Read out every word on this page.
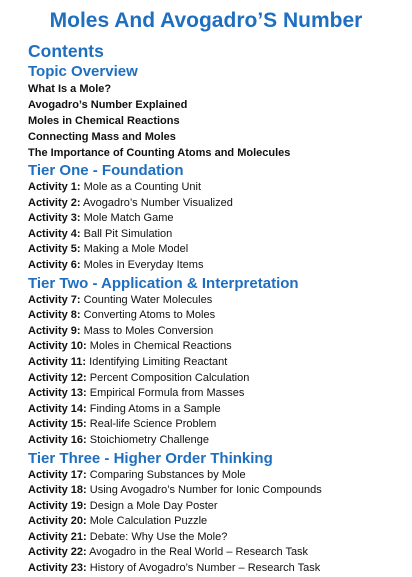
Moles And Avogadro’S Number
Contents
Topic Overview
What Is a Mole?
Avogadro’s Number Explained
Moles in Chemical Reactions
Connecting Mass and Moles
The Importance of Counting Atoms and Molecules
Tier One - Foundation
Activity 1: Mole as a Counting Unit
Activity 2: Avogadro’s Number Visualized
Activity 3: Mole Match Game
Activity 4: Ball Pit Simulation
Activity 5: Making a Mole Model
Activity 6: Moles in Everyday Items
Tier Two - Application & Interpretation
Activity 7: Counting Water Molecules
Activity 8: Converting Atoms to Moles
Activity 9: Mass to Moles Conversion
Activity 10: Moles in Chemical Reactions
Activity 11: Identifying Limiting Reactant
Activity 12: Percent Composition Calculation
Activity 13: Empirical Formula from Masses
Activity 14: Finding Atoms in a Sample
Activity 15: Real-life Science Problem
Activity 16: Stoichiometry Challenge
Tier Three - Higher Order Thinking
Activity 17: Comparing Substances by Mole
Activity 18: Using Avogadro’s Number for Ionic Compounds
Activity 19: Design a Mole Day Poster
Activity 20: Mole Calculation Puzzle
Activity 21: Debate: Why Use the Mole?
Activity 22: Avogadro in the Real World – Research Task
Activity 23: History of Avogadro’s Number – Research Task
